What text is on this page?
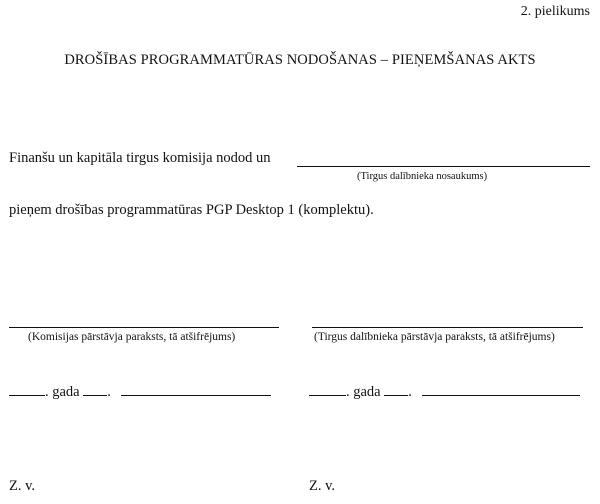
2. pielikums
DROŠĪBAS PROGRAMMATŪRAS NODOŠANAS – PIEŅEMŠANAS AKTS
Finanšu un kapitāla tirgus komisija nodod un
(Tirgus dalībnieka nosaukums)
pieņem drošības programmatūras PGP Desktop 1 (komplektu).
(Komisijas pārstāvja paraksts, tā atšifrējums)	(Tirgus dalībnieka pārstāvja paraksts, tā atšifrējums)
. gada .	. gada .
Z. v.	Z. v.
